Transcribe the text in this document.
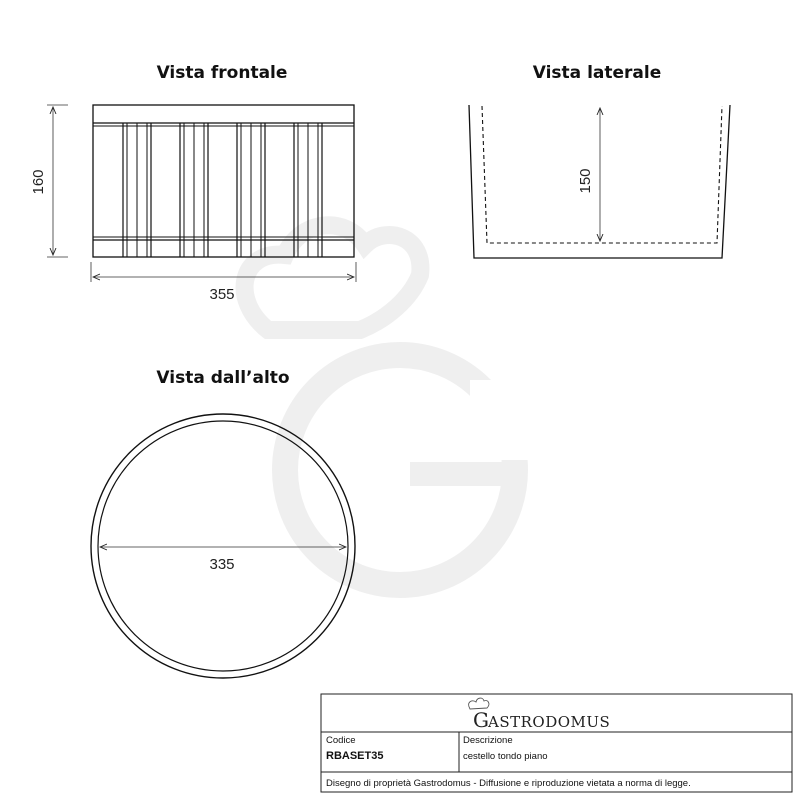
Vista frontale
160
355
Vista laterale
150
Vista dall’alto
335
G ASTRODOMUS
Codice
RBASET35
Descrizione
cestello tondo piano
Disegno di proprietà Gastrodomus - Diffusione e riproduzione vietata a norma di legge.
